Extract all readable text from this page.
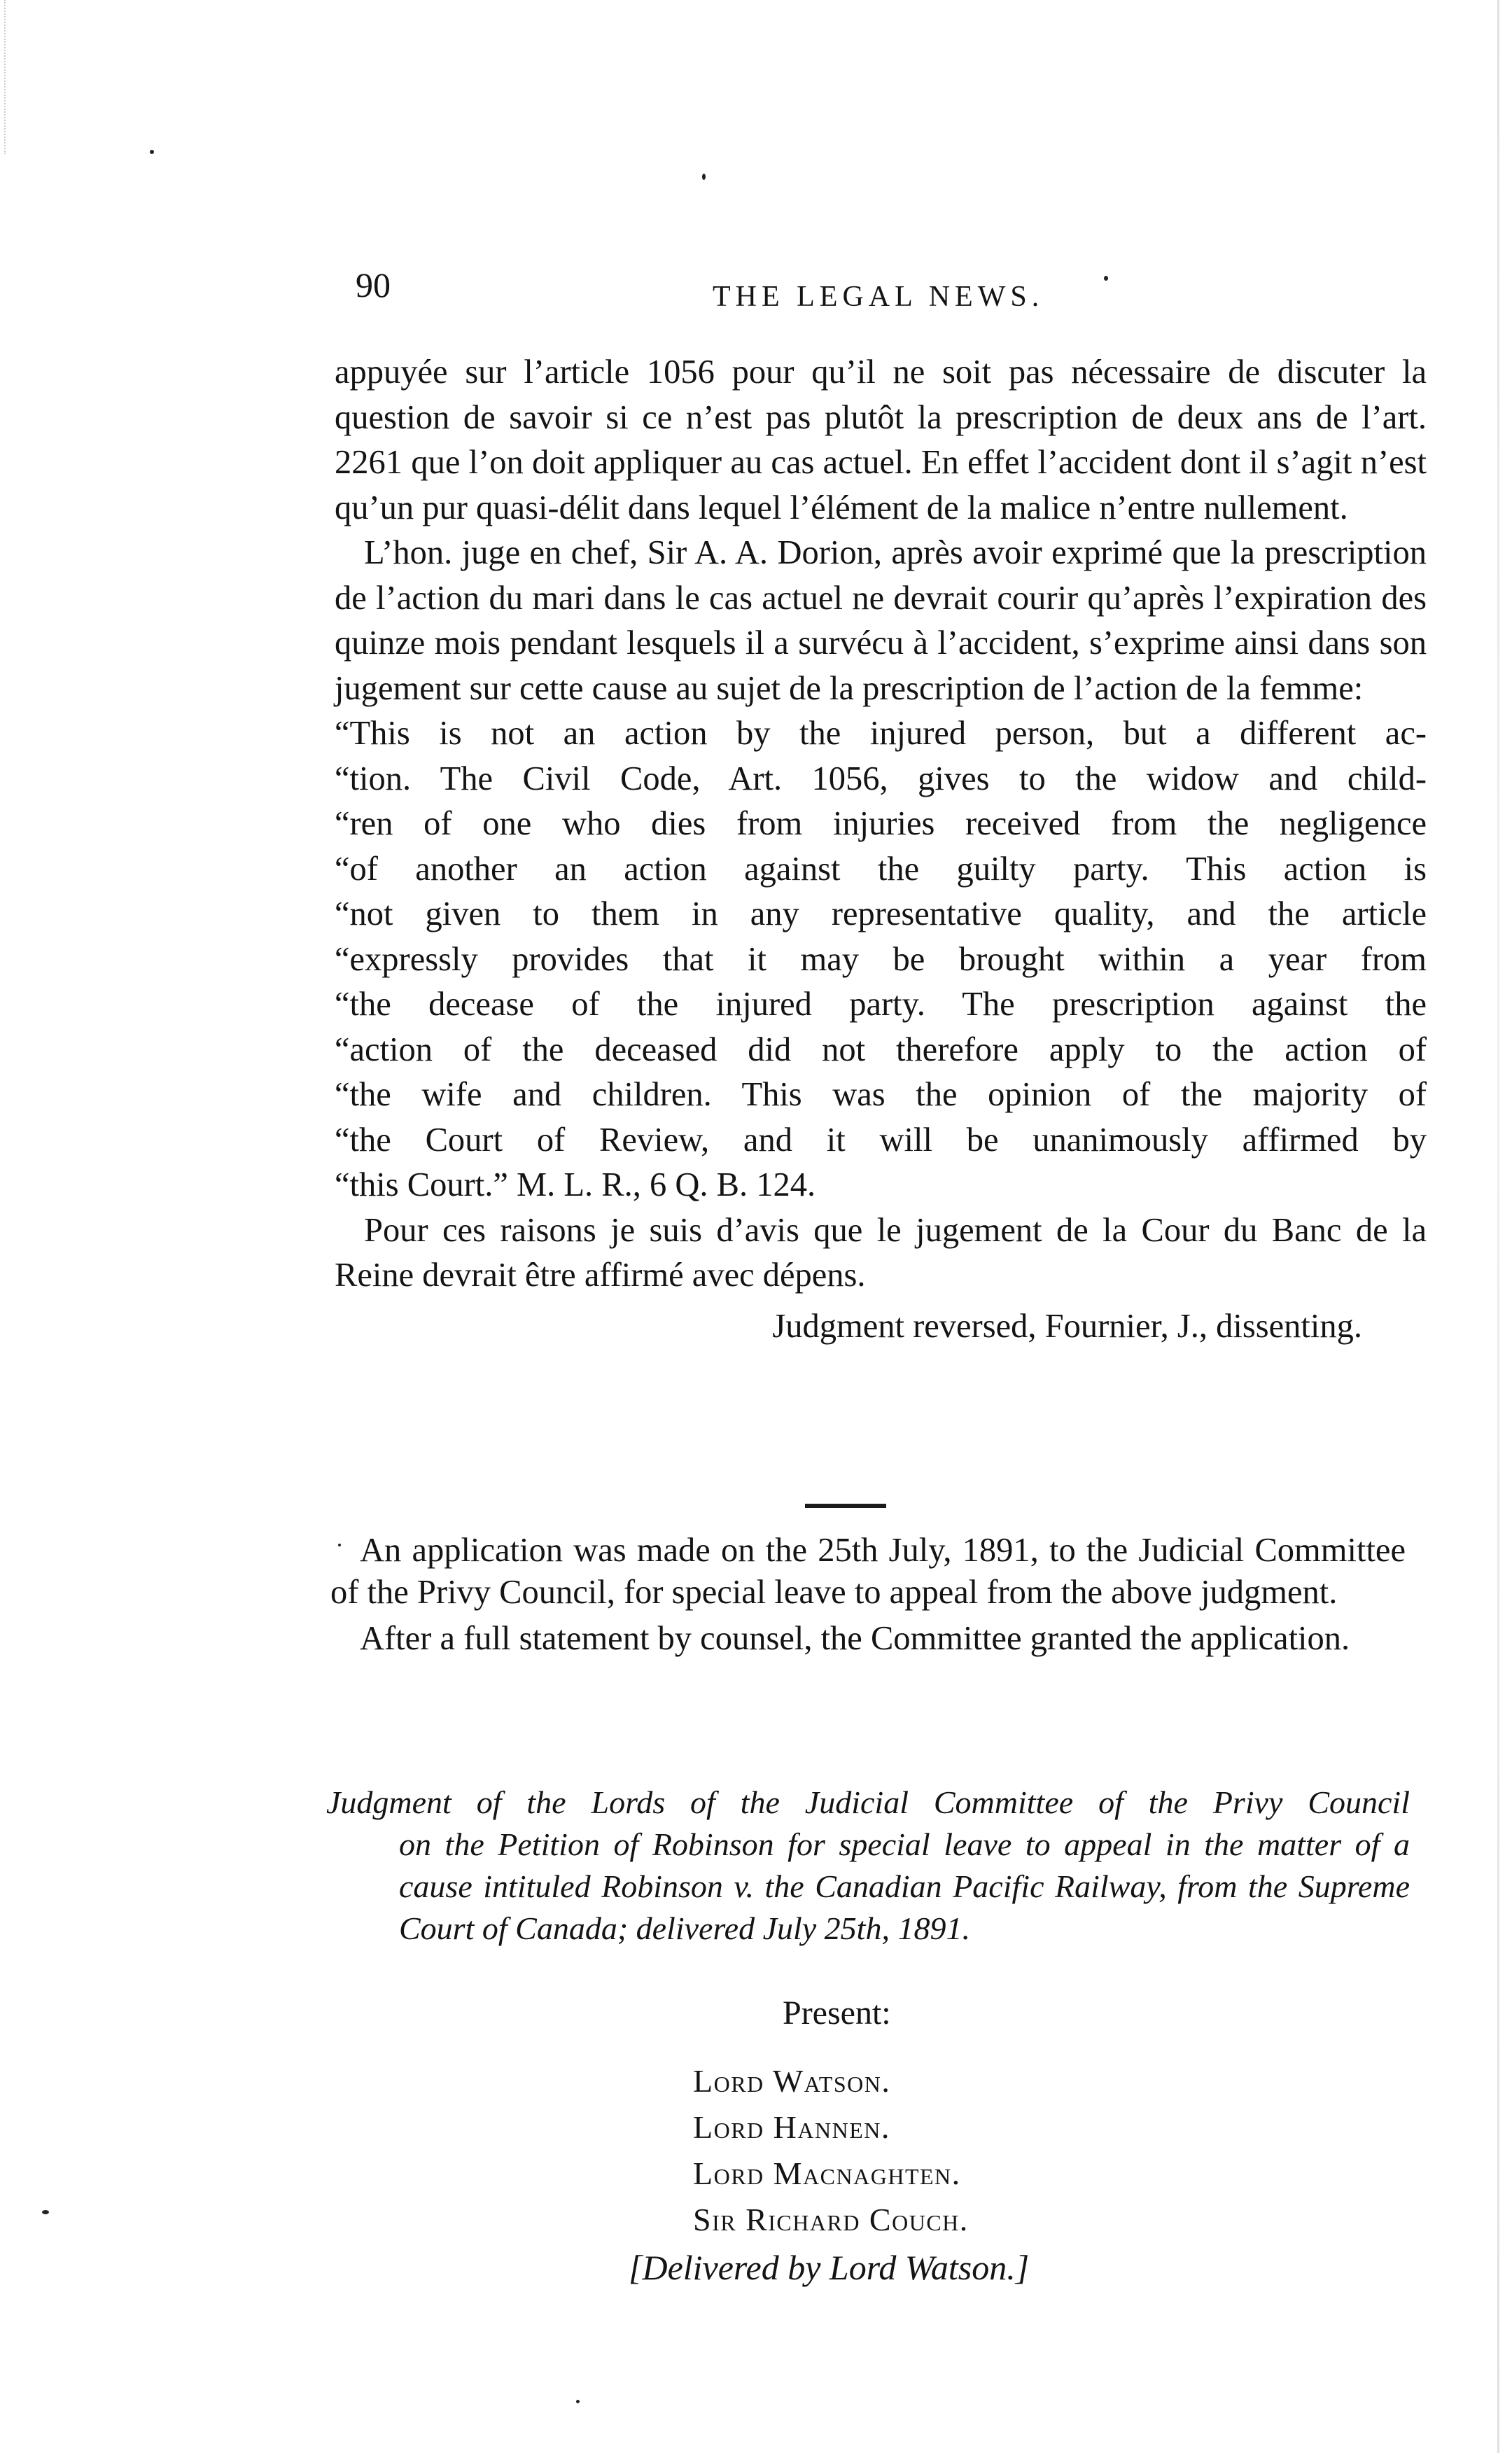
90	THE LEGAL NEWS.

appuyée sur l’article 1056 pour qu’il ne soit pas nécessaire de discuter la question de savoir si ce n’est pas plutôt la prescription de deux ans de l’art. 2261 que l’on doit appliquer au cas actuel. En effet l’accident dont il s’agit n’est qu’un pur quasi-délit dans lequel l’élément de la malice n’entre nullement.

L’hon. juge en chef, Sir A. A. Dorion, après avoir exprimé que la prescription de l’action du mari dans le cas actuel ne devrait courir qu’après l’expiration des quinze mois pendant lesquels il a survécu à l’accident, s’exprime ainsi dans son jugement sur cette cause au sujet de la prescription de l’action de la femme:

“This is not an action by the injured person, but a different ac-

“tion. The Civil Code, Art. 1056, gives to the widow and child-

“ren of one who dies from injuries received from the negligence

“of another an action against the guilty party. This action is

“not given to them in any representative quality, and the article

“expressly provides that it may be brought within a year from

“the decease of the injured party. The prescription against the

“action of the deceased did not therefore apply to the action of

“the wife and children. This was the opinion of the majority of

“the Court of Review, and it will be unanimously affirmed by

“this Court.” M. L. R., 6 Q. B. 124.

Pour ces raisons je suis d’avis que le jugement de la Cour du Banc de la Reine devrait être affirmé avec dépens.

Judgment reversed, Fournier, J., dissenting.

An application was made on the 25th July, 1891, to the Judicial Committee of the Privy Council, for special leave to appeal from the above judgment.

After a full statement by counsel, the Committee granted the application.

Judgment of the Lords of the Judicial Committee of the Privy Council

on the Petition of Robinson for special leave to appeal in the matter of a cause intituled Robinson v. the Canadian Pacific Railway, from the Supreme Court of Canada; delivered July 25th, 1891.

Present:
Lord Watson.
Lord Hannen.
Lord Macnaghten.
Sir Richard Couch.
[Delivered by Lord Watson.]
